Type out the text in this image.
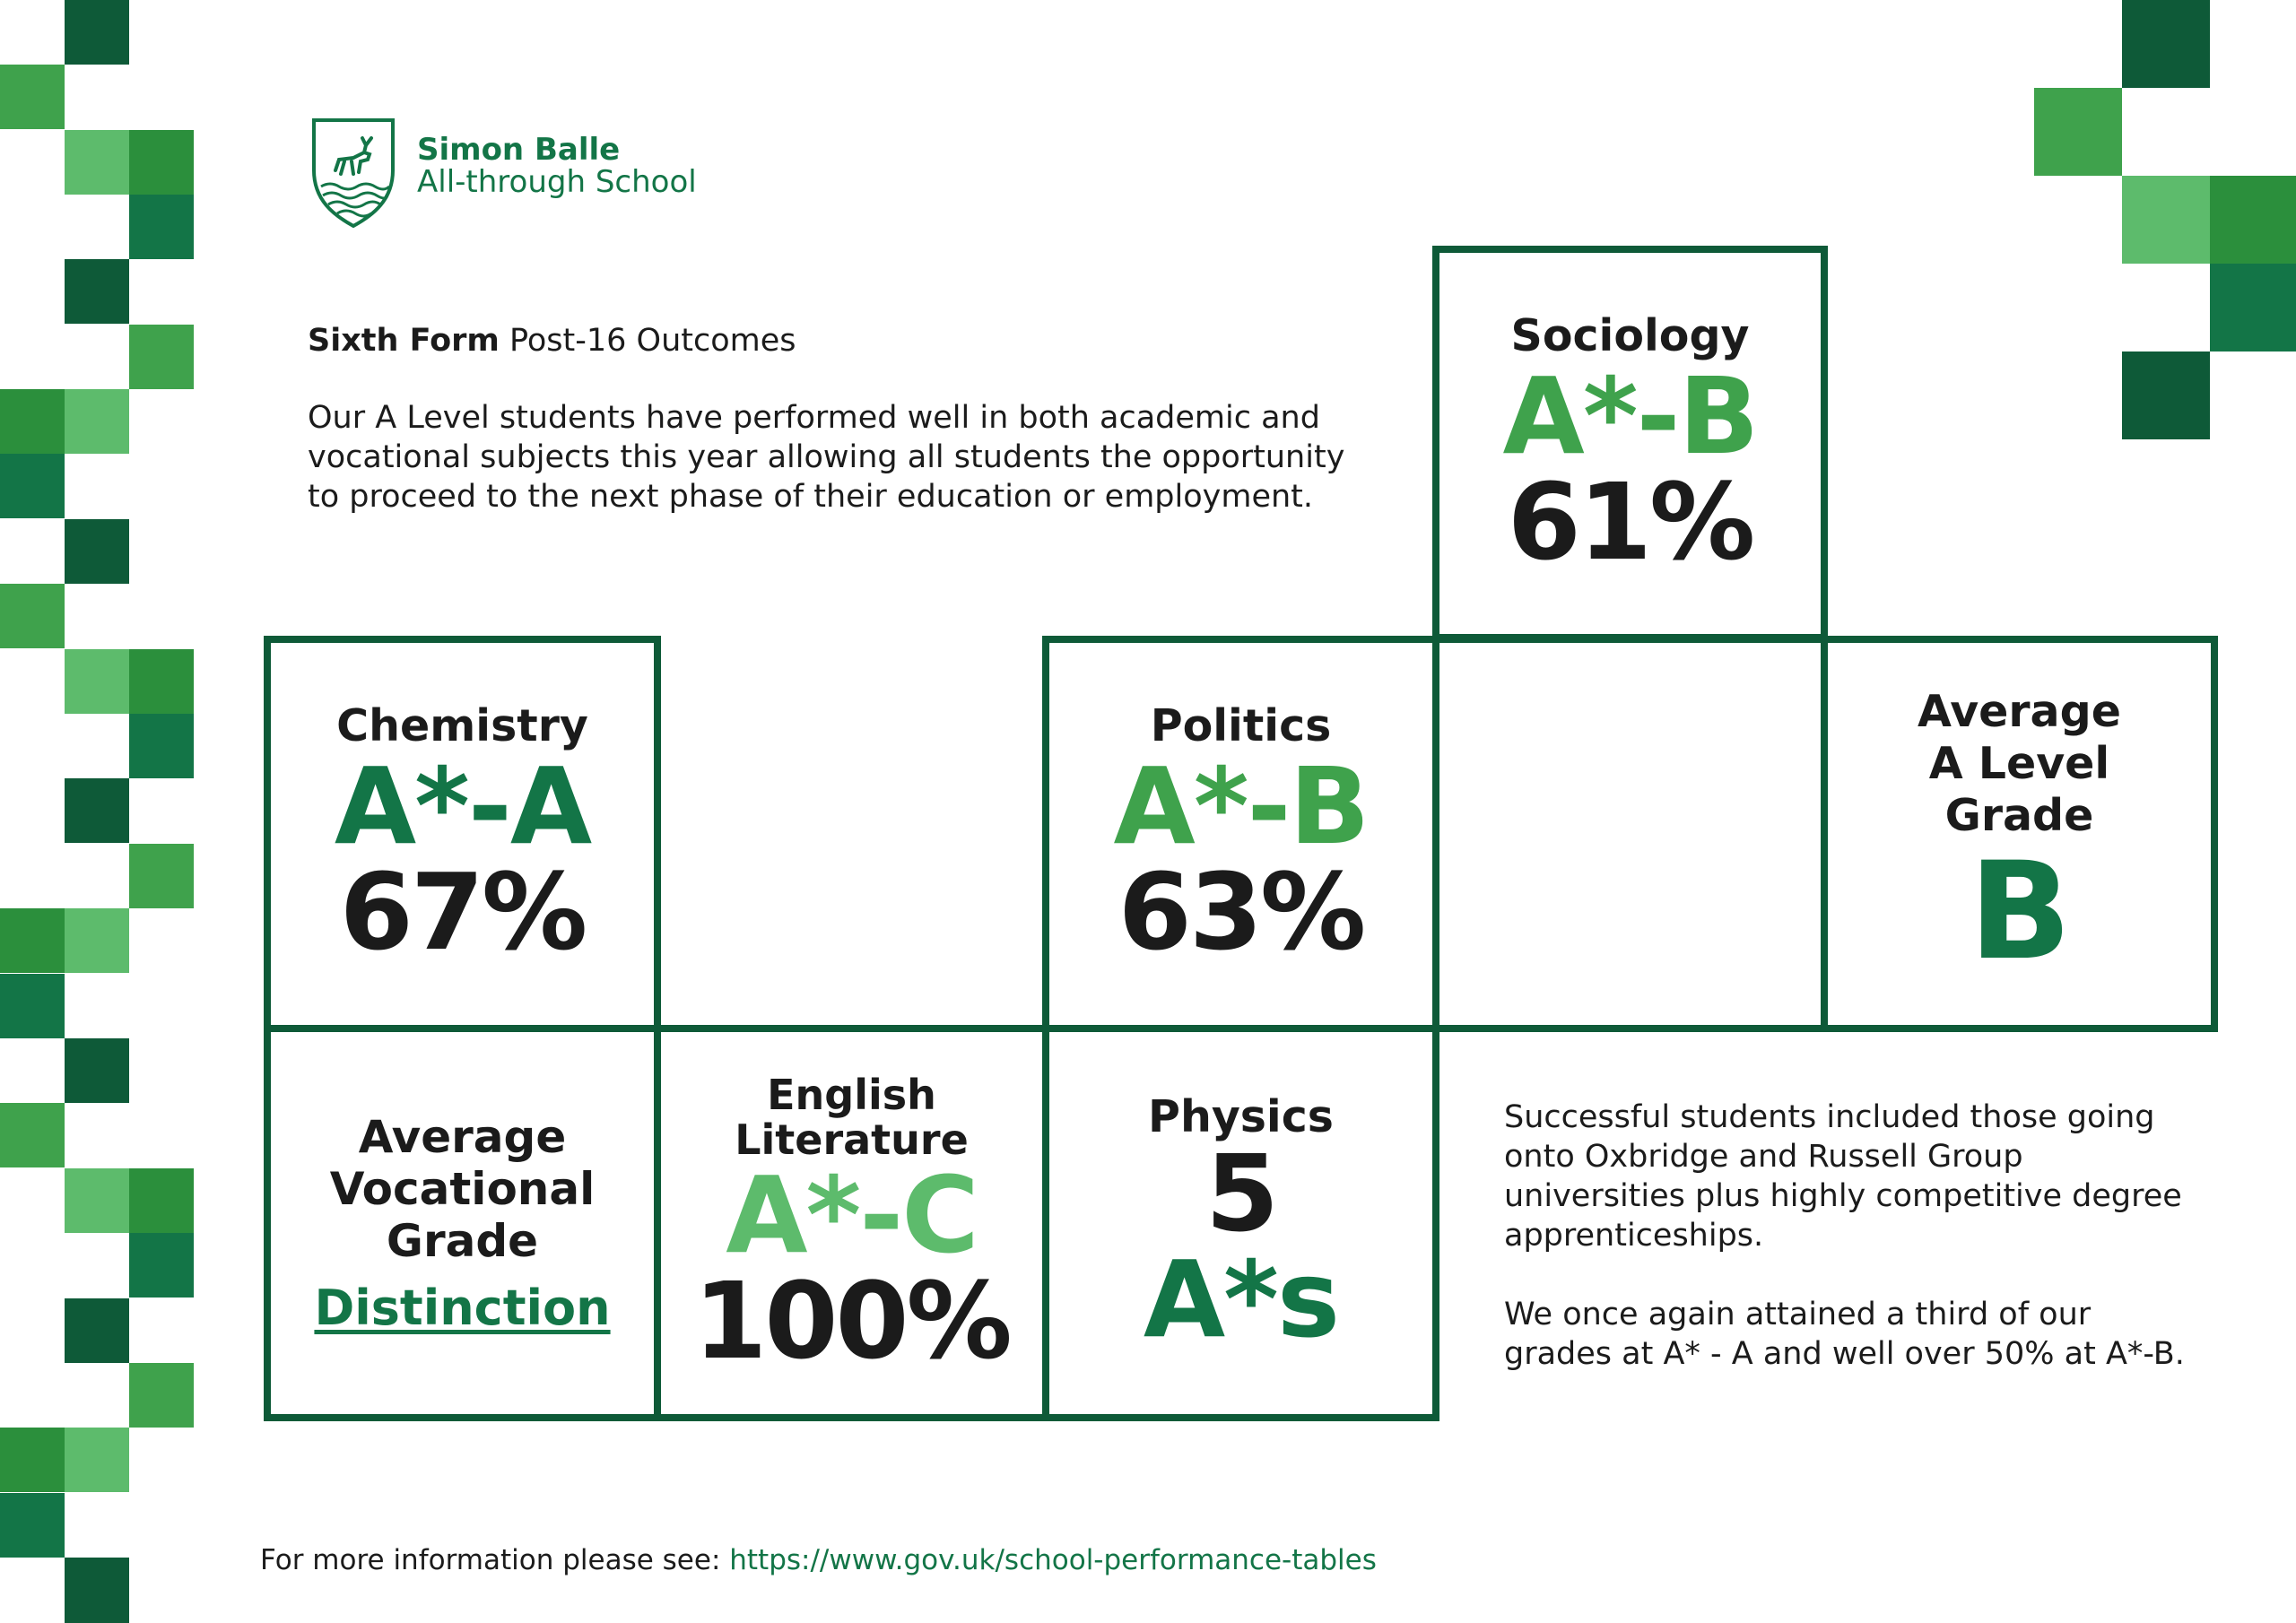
Simon Balle
All-through School
Sixth Form Post-16 Outcomes
Our A Level students have performed well in both academic and vocational subjects this year allowing all students the opportunity to proceed to the next phase of their education or employment.
Sociology
A*-B
61%
Chemistry
A*-A
67%
Politics
A*-B
63%
Average
A Level
Grade
B
Average
Vocational
Grade
Distinction
English
Literature
A*-C
100%
Physics
5
A*s
Successful students included those going onto Oxbridge and Russell Group universities plus highly competitive degree apprenticeships.
We once again attained a third of our grades at A* - A and well over 50% at A*-B.
For more information please see: https://www.gov.uk/school-performance-tables
